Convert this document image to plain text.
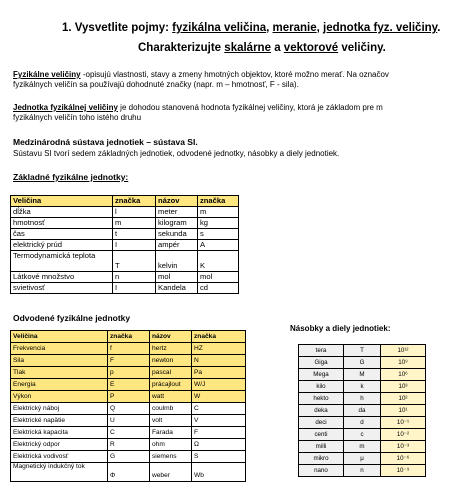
1. Vysvetlite pojmy: fyzikálna veličina, meranie, jednotka fyz. veličiny.
Charakterizujte skalárne a vektorové veličiny.
Fyzikálne veličiny -opisujú vlastnosti, stavy a zmeny hmotných objektov, ktoré možno merať. Na označov
fyzikálnych veličín sa používajú dohodnuté značky (napr. m – hmotnosť, F - sila).
Jednotka fyzikálnej veličiny je dohodou stanovená hodnota fyzikálnej veličiny, ktorá je základom pre m
fyzikálnych veličín toho istého druhu
Medzinárodná sústava jednotiek – sústava SI.
Sústavu SI tvorí sedem základných jednotiek, odvodené jednotky, násobky a diely jednotiek.
Základné fyzikálne jednotky:
Veličina	značka	názov	značka
dĺžka	l	meter	m
hmotnosť	m	kilogram	kg
čas	t	sekunda	s
elektrický prúd	I	ampér	A
Termodynamická teplota	T	kelvin	K
Látkové množstvo	n	mol	mol
svietivosť	I	Kandela	cd
Odvodené fyzikálne jednotky
Veličina	značka	názov	značka
Frekvencia	f	hertz	HZ
Sila	F	newton	N
Tlak	p	pascal	Pa
Energia	E	prácajlout	W/J
Výkon	P	watt	W
Elektrický náboj	Q	coulmb	C
Elektrické napätie	U	volt	V
Elektrická kapacita	C	Farada	F
Elektrický odpor	R	ohm	Ω
Elektrická vodivosť	G	siemens	S
Magnetický indukčný tok	Φ	weber	Wb
Násobky a diely jednotiek:
tera	T	10¹²
Giga	G	10⁹
Mega	M	10⁶
kilo	k	10³
hekto	h	10²
deka	da	10¹
deci	d	10⁻¹
centi	c	10⁻²
milli	m	10⁻³
mikro	μ	10⁻⁶
nano	n	10⁻⁹
